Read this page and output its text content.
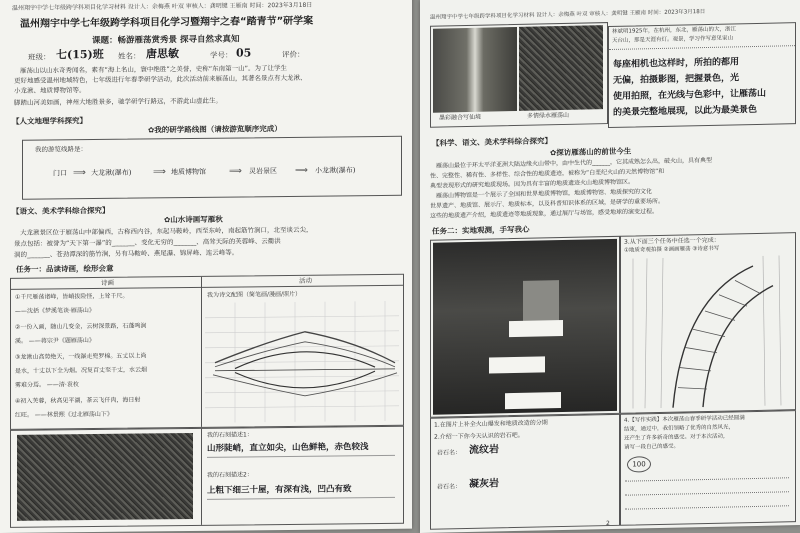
温州翔宇中学七年级跨学科项目化学习材料 设计人：余梅燕 叶双 审核人：龚明键 王雁南 时间：2023年3月18日
温州翔宇中学七年级跨学科项目化学习暨翔宇之春“踏青节”研学案
课题：畅游雁荡赏秀景 探寻自然求真知
班级： 七(15)班 姓名： 唐思敏	学号： 05	评价：
雁荡山以山水奇秀闻名，素有“海上名山，寰中绝胜”之美誉，史称“东南第一山”。为了让学生
更好地感受温州地域特色，七年级进行年春季研学活动，此次活动前来雁荡山，其著名景点有大龙湫、
小龙湫、地质博物馆等。
脚踏山河美如画，神州大地胜景多，驰学研学行路远，不游此山虚此生。
【人文地理学科探究】
✿我的研学路线图（请按游览顺序完成）
我的游览线路是：
门口 ⟹ 大龙湫(瀑布) ⟹ 地质博物馆	⟹ 灵岩景区 ⟹ 小龙湫(瀑布)
【语文、美术学科综合探究】
✿山水诗画写雁秋
大龙湫景区位于雁荡山中部偏西，古称西内谷，东起马鞍岭，西至东岭，南起筋竹涧口，北至谈云尖，
景点包括：被誉为“天下第一瀑”的_______、变化无穷的_______、高耸天际的芙蓉峰、云衢洪
洞的_______、苍劲潭深的筋竹涧，另有马鞍岭、燕尾瀑、锦屏峰、连云峰等。
任务一：品读诗画，绘形会意
诗画	活动
①千尺雁荡诸峰，皆峭拔险怪，上耸千尺。
——沈括《梦溪笔谈·雁荡山》
②一份入画，随山几变金，云树深景路，石蓬鸣涧
溪。 ——蒋宗尹《题雁荡山》
③龙湫山高势绝天，一线瀑走兜罗棉。五丈以上尚
是水，十丈以下全为烟。况复百丈至千丈，水云烟
雾难分焉。 ——清·袁枚
④初入芙蓉，秋高见平湖，茶云飞仟肉，海日射
红旺。 ——林景熙《过北雁荡山下》
我为诗文配图（简笔画/漫画/照片）
我的石刻描述1：
山形陡峭，直立如尖，山色鲜艳，赤色较浅
我的石刻描述2：
上粗下细三十屋，有深有浅，凹凸有致
温州翔宇中学七年级跨学科项目化学习材料 设计人：余梅燕 叶双 审核人：龚明键 王雁南 时间：2023年3月18日
墨彩融合写仙境	多情绿水雁荡山
林斌明1925年，在杭州，东北，雁荡山的大，浙江
天台山，那是天涯有灯。观景，学习作写意见家山
每座相机也这样时，所拍的都用
无偏，拍摄影图，把握景色，光
使用拍照，在光线与色彩中，让雁荡山
的美景完整地展现，以此为最美景色
【科学、语文、美术学科综合探究】
✿探访雁荡山的前世今生
雁荡山最位于环太平洋亚洲大陆边缘火山带中，由中生代的______，它其成熟怎么出，破火山，具有典型
性、完整性、稀有性、多样性、综合性的地质遗迹，被称为“白垩纪火山的天然博物馆”和
典型表现形式的研究地质现场。因为具有丰富的地质遗迹火山地质博物馆区。
雁荡山博物馆是一个展示了全国和世界地质博物馆，地质博物馆、地质探究的文化
世界遗产、地质馆、展示厅、地质标本，以及科普知识体系的区域，是研学的重要场所。
这些的地质遗产介绍，地质遗迹等地质现象，通过展厅与场馆，感受地球的演变过程。
任务二：实地观测，手写我心
3.从下面三个任务中任选一个完成：
①地质奇观拍摄 ②画画雁荡 ③诗意书写
1.在图片上补全火山爆发和地质改造的分期
2.介绍一下你今天认识的岩石吧。
岩石名： 流纹岩
岩石名： 凝灰岩
4.【写作实践】本次雁荡山春季研学活动已经圆满
结束，通过中，我们领略了优秀的自然风光，
还产生了许多新奇的感受。对于本次活动，
请写一段自己的感受。
100
2
